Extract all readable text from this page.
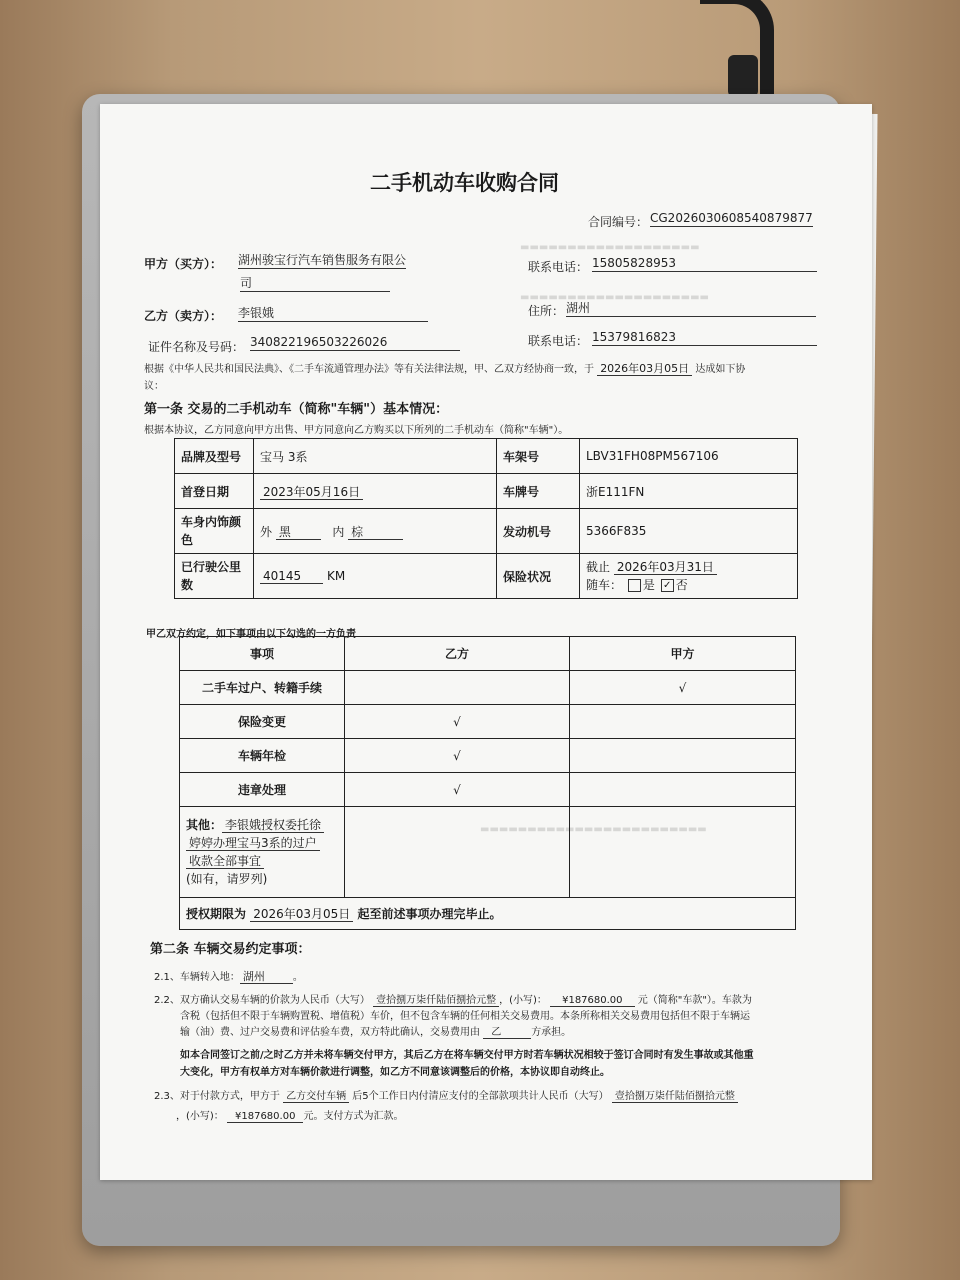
▬▬▬▬▬▬▬▬▬▬▬▬▬▬▬▬▬▬▬
▬▬▬▬▬▬▬▬▬▬▬▬▬▬▬▬▬▬▬▬
▬▬▬▬▬▬▬▬▬▬▬▬▬▬▬▬▬▬▬▬▬▬▬▬
二手机动车收购合同
合同编号： CG2026030608540879877
甲方（买方）： 湖州骏宝行汽车销售服务有限公
司
联系电话： 15805828953
乙方（卖方）： 李银娥	住所： 湖州
联系电话： 15379816823
证件名称及号码： 340822196503226026
根据《中华人民共和国民法典》、《二手车流通管理办法》等有关法律法规，甲、乙双方经协商一致，于 2026年03月05日 达成如下协
议：
第一条 交易的二手机动车（简称"车辆"）基本情况：
根据本协议，乙方同意向甲方出售、甲方同意向乙方购买以下所列的二手机动车（简称"车辆"）。
品牌及型号	宝马 3系	车架号	LBV31FH08PM567106
首登日期	2023年05月16日	车牌号	浙E111FN
车身内饰颜色	外 黑 内 棕	发动机号	5366F835
已行驶公里数	40145 KM	保险状况	截止 2026年03月31日
随车： 是 ✓ 否
甲乙双方约定，如下事项由以下勾选的一方负责
事项	乙方	甲方
二手车过户、转籍手续		√
保险变更	√	
车辆年检	√	
违章处理	√	
其他： 李银娥授权委托徐
婷婷办理宝马3系的过户
收款全部事宜
(如有，请罗列)		
授权期限为 2026年03月05日 起至前述事项办理完毕止。		
第二条 车辆交易约定事项：
2.1、车辆转入地： 湖州	。
2.2、双方确认交易车辆的价款为人民币（大写） 壹拾捌万柒仟陆佰捌拾元整 ，(小写)： ¥187680.00 元（简称"车款"）。车款为
含税（包括但不限于车辆购置税、增值税）车价，但不包含车辆的任何相关交易费用。本条所称相关交易费用包括但不限于车辆运
输（油）费、过户交易费和评估验车费，双方特此确认，交易费用由 乙	方承担。
如本合同签订之前/之时乙方并未将车辆交付甲方，其后乙方在将车辆交付甲方时若车辆状况相较于签订合同时有发生事故或其他重
大变化，甲方有权单方对车辆价款进行调整，如乙方不同意该调整后的价格，本协议即自动终止。
2.3、对于付款方式，甲方于 乙方交付车辆 后5个工作日内付清应支付的全部款项共计人民币（大写） 壹拾捌万柒仟陆佰捌拾元整
，(小写)： ¥187680.00 元。支付方式为汇款。
